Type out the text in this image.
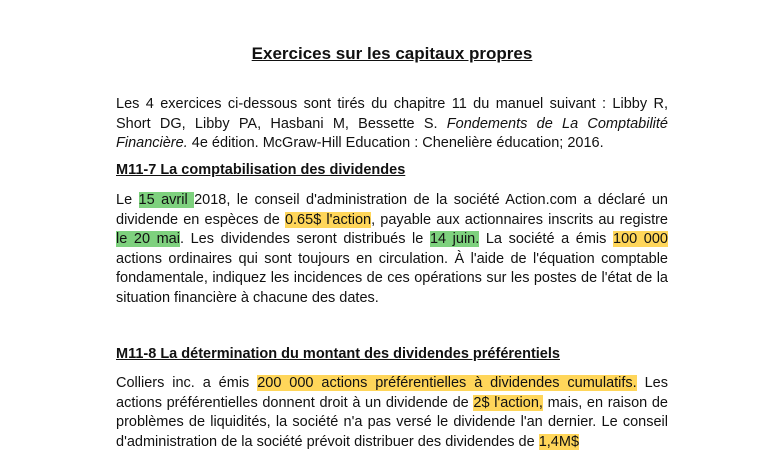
Exercices sur les capitaux propres
Les 4 exercices ci-dessous sont tirés du chapitre 11 du manuel suivant : Libby R, Short DG, Libby PA, Hasbani M, Bessette S. Fondements de La Comptabilité Financière. 4e édition. McGraw-Hill Education : Chenelière éducation; 2016.
M11-7 La comptabilisation des dividendes
Le 15 avril 2018, le conseil d'administration de la société Action.com a déclaré un dividende en espèces de 0.65$ l'action, payable aux actionnaires inscrits au registre le 20 mai. Les dividendes seront distribués le 14 juin. La société a émis 100 000 actions ordinaires qui sont toujours en circulation. À l'aide de l'équation comptable fondamentale, indiquez les incidences de ces opérations sur les postes de l'état de la situation financière à chacune des dates.
M11-8 La détermination du montant des dividendes préférentiels
Colliers inc. a émis 200 000 actions préférentielles à dividendes cumulatifs. Les actions préférentielles donnent droit à un dividende de 2$ l'action, mais, en raison de problèmes de liquidités, la société n'a pas versé le dividende l'an dernier. Le conseil d'administration de la société prévoit distribuer des dividendes de 1,4M$
